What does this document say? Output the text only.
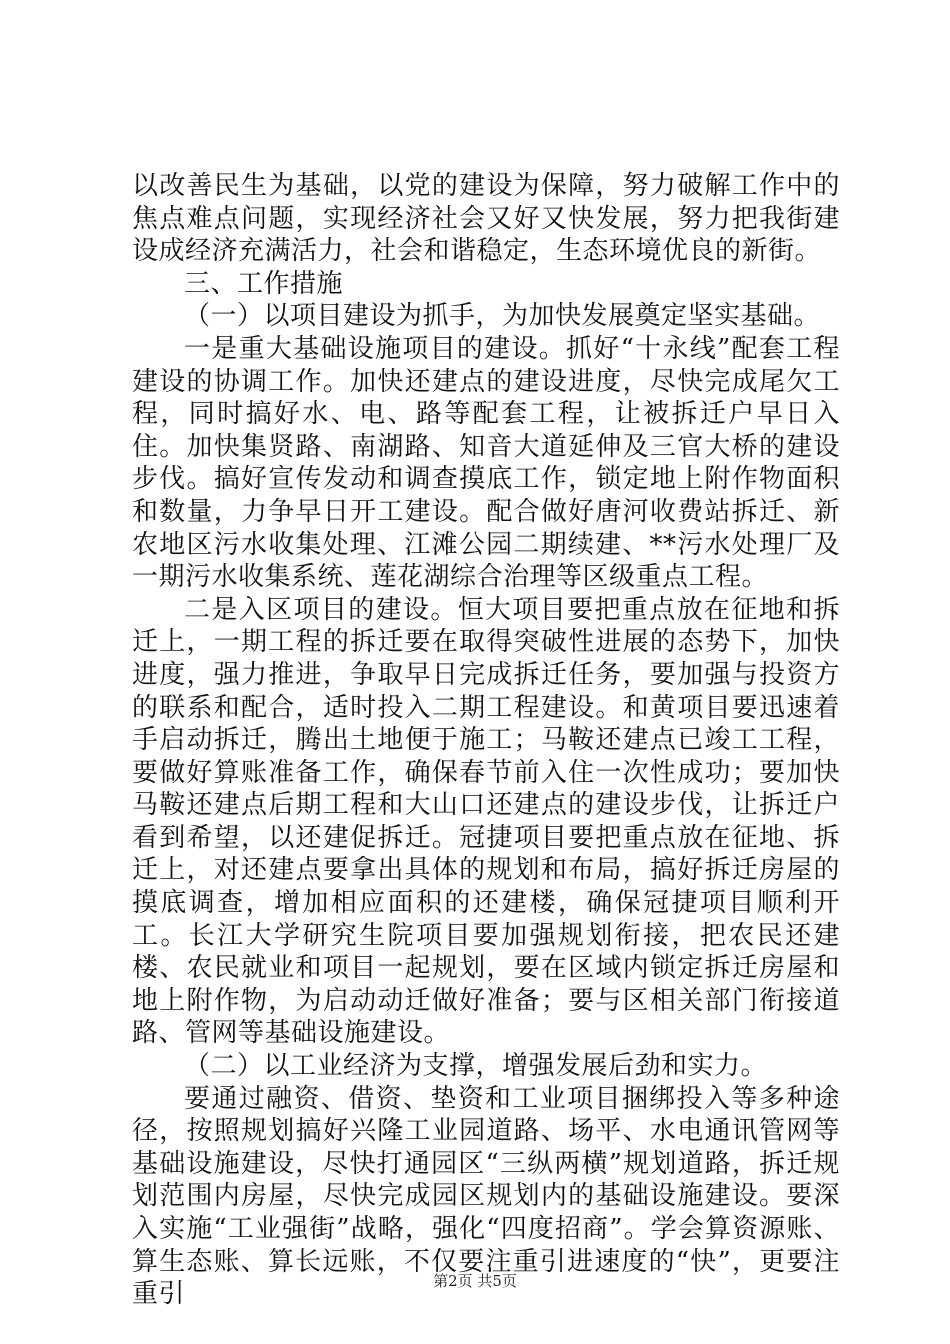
以改善民生为基础，以党的建设为保障，努力破解工作中的焦点难点问题，实现经济社会又好又快发展，努力把我街建设成经济充满活力，社会和谐稳定，生态环境优良的新街。

三、工作措施

（一）以项目建设为抓手，为加快发展奠定坚实基础。

一是重大基础设施项目的建设。抓好“十永线”配套工程建设的协调工作。加快还建点的建设进度，尽快完成尾欠工程，同时搞好水、电、路等配套工程，让被拆迁户早日入住。加快集贤路、南湖路、知音大道延伸及三官大桥的建设步伐。搞好宣传发动和调查摸底工作，锁定地上附作物面积和数量，力争早日开工建设。配合做好唐河收费站拆迁、新农地区污水收集处理、江滩公园二期续建、**污水处理厂及一期污水收集系统、莲花湖综合治理等区级重点工程。

二是入区项目的建设。恒大项目要把重点放在征地和拆迁上，一期工程的拆迁要在取得突破性进展的态势下，加快进度，强力推进，争取早日完成拆迁任务，要加强与投资方的联系和配合，适时投入二期工程建设。和黄项目要迅速着手启动拆迁，腾出土地便于施工；马鞍还建点已竣工工程，要做好算账准备工作，确保春节前入住一次性成功；要加快马鞍还建点后期工程和大山口还建点的建设步伐，让拆迁户看到希望，以还建促拆迁。冠捷项目要把重点放在征地、拆迁上，对还建点要拿出具体的规划和布局，搞好拆迁房屋的摸底调查，增加相应面积的还建楼，确保冠捷项目顺利开工。长江大学研究生院项目要加强规划衔接，把农民还建楼、农民就业和项目一起规划，要在区域内锁定拆迁房屋和地上附作物，为启动动迁做好准备；要与区相关部门衔接道路、管网等基础设施建设。

（二）以工业经济为支撑，增强发展后劲和实力。

要通过融资、借资、垫资和工业项目捆绑投入等多种途径，按照规划搞好兴隆工业园道路、场平、水电通讯管网等基础设施建设，尽快打通园区“三纵两横”规划道路，拆迁规划范围内房屋，尽快完成园区规划内的基础设施建设。要深入实施“工业强街”战略，强化“四度招商”。学会算资源账、算生态账、算长远账，不仅要注重引进速度的“快”，更要注重引	第2页 共5页
